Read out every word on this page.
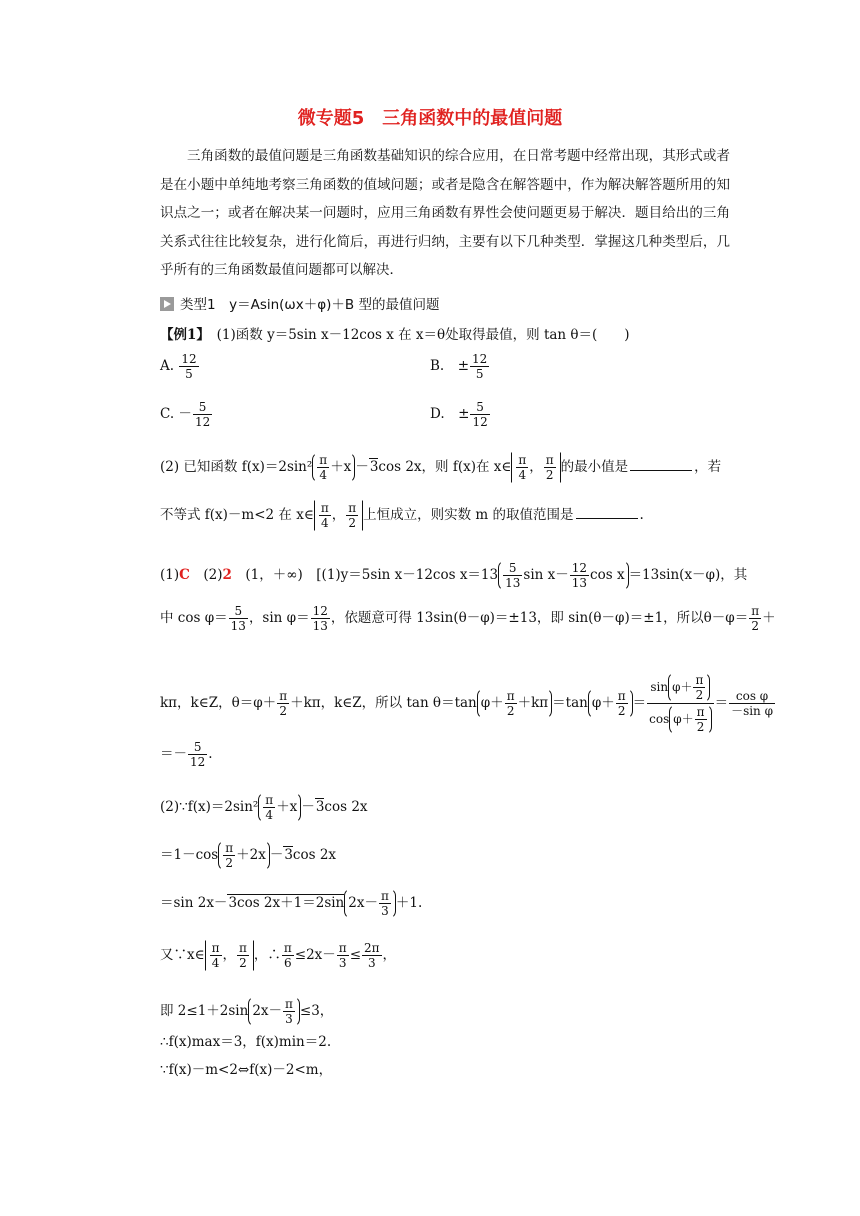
微专题5　三角函数中的最值问题
三角函数的最值问题是三角函数基础知识的综合应用，在日常考题中经常出现，其形式或者是在小题中单纯地考察三角函数的值域问题；或者是隐含在解答题中，作为解决解答题所用的知识点之一；或者在解决某一问题时，应用三角函数有界性会使问题更易于解决．题目给出的三角关系式往往比较复杂，进行化简后，再进行归纳，主要有以下几种类型．掌握这几种类型后，几乎所有的三角函数最值问题都可以解决．
类型1　 y＝Asin(ωx＋φ)＋B 型的最值问题
【例1】　 (1)函数 y＝5sin x－12cos x 在 x＝θ处取得最值，则 tan θ＝(　　)
A. $\frac{12}{5}$	B.　± $\frac{12}{5}$
C. － $\frac{5}{12}$	D.　± $\frac{5}{12}$
(2) 已知函数 $f(x)=2\sin^2 \frac{\pi}{4} +x -3\cos$ 2x，则 f(x)在 x∈ $\frac{\pi}{4}$ ， $\frac{\pi}{2}$ 的最小值是	，若
不等式 f(x)－m<2 在 x∈ $\frac{\pi}{4}$ ， $\frac{\pi}{2}$ 上恒成立，则实数 m 的取值范围是	.
(1)C　 (2)2　 (1，＋∞)　 [(1)y＝5sin x－12cos $x=13 \frac{5}{13}$ $\sin x- \frac{12}{13}$ cos x ＝13sin(x－φ)，其
中 $\cos \varphi= \frac{5}{13}$ ，$\sin \varphi= \frac{12}{13}$ ，依题意可得 13sin(θ－φ)＝±13，即 sin(θ－φ)＝±1，所以$\theta-\varphi= \frac{\pi}{2}$ ＋
kπ，k∈Z，$\theta=\varphi+ \frac{\pi}{2} +k\pi$，k∈Z，所以 tan θ＝tan $\varphi+ \frac{\pi}{2} +k\pi =\tan$ $\varphi+ \frac{\pi}{2} = \frac{\sin \varphi+ \frac{\pi}{2}}{\cos \varphi+ \frac{\pi}{2}} = \frac{\text{cos φ}}{\text{－sin φ}}$
＝－ $\frac{5}{12}$ .
(2)∵f(x)＝2sin² $\frac{\pi}{4} +x -3\cos$ 2x
$=1-\cos \frac{\pi}{2} +2x -3\cos$ 2x
＝sin 2x－3cos 2x＋1＝2sin $2x- \frac{\pi}{3} +1$.
又∵x∈ $\frac{\pi}{4}$ ， $\frac{\pi}{2}$ ，∴ $\frac{\pi}{6} \le 2x- \frac{\pi}{3} \le \frac{2\pi}{3}$ ，
即 2≤1＋2sin $2x- \frac{\pi}{3} \le 3$，
∴f(x)max＝3，f(x)min＝2.
∵f(x)－m<2⇔f(x)－2<m，
